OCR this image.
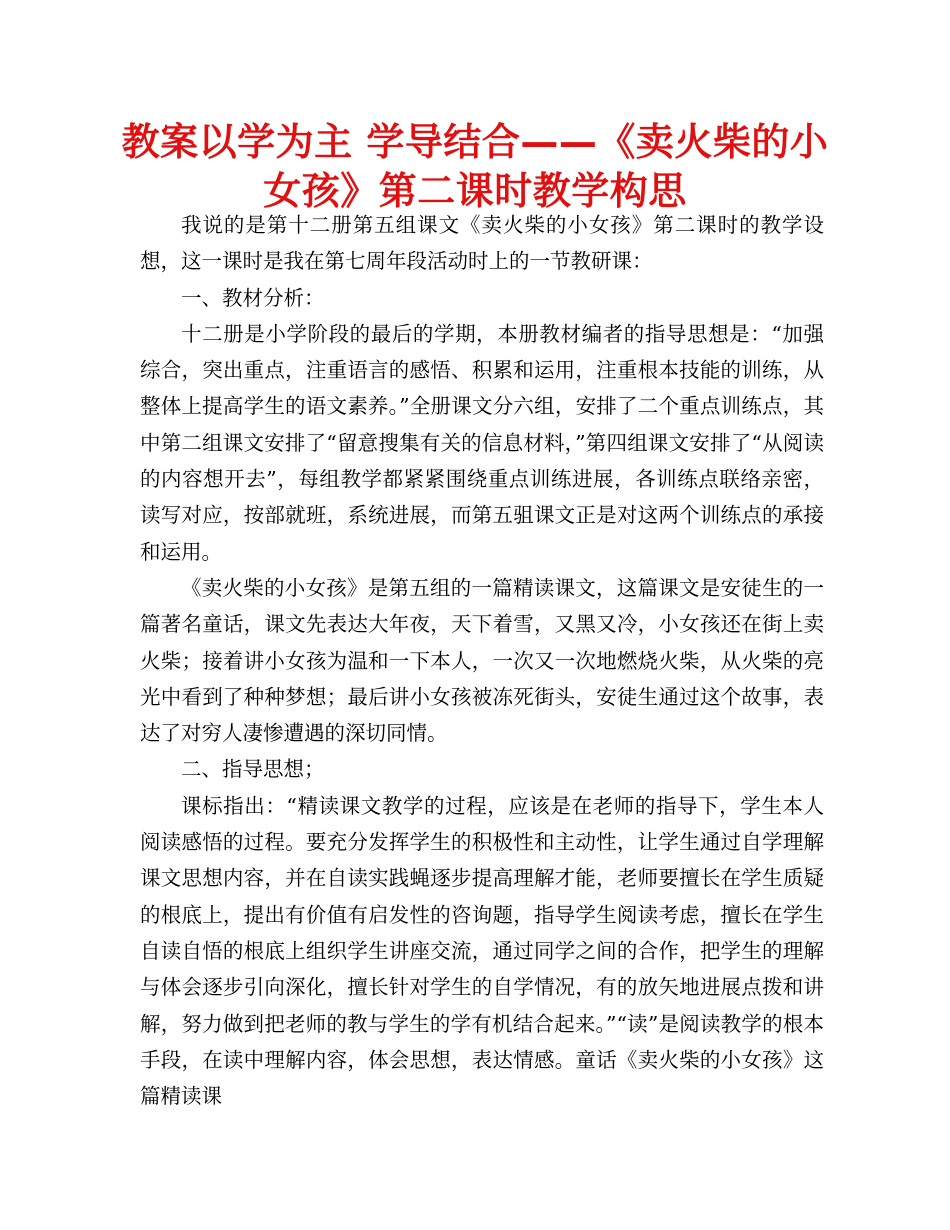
教案以学为主 学导结合——《卖火柴的小女孩》第二课时教学构思

我说的是第十二册第五组课文《卖火柴的小女孩》第二课时的教学设想，这一课时是我在第七周年段活动时上的一节教研课：

一、教材分析：

十二册是小学阶段的最后的学期，本册教材编者的指导思想是：“加强综合，突出重点，注重语言的感悟、积累和运用，注重根本技能的训练，从整体上提高学生的语文素养。”全册课文分六组，安排了二个重点训练点，其中第二组课文安排了“留意搜集有关的信息材料，”第四组课文安排了“从阅读的内容想开去”，每组教学都紧紧围绕重点训练进展，各训练点联络亲密，读写对应，按部就班，系统进展，而第五驵课文正是对这两个训练点的承接和运用。

《卖火柴的小女孩》是第五组的一篇精读课文，这篇课文是安徒生的一篇著名童话，课文先表达大年夜，天下着雪，又黑又冷，小女孩还在街上卖火柴；接着讲小女孩为温和一下本人，一次又一次地燃烧火柴，从火柴的亮光中看到了种种梦想；最后讲小女孩被冻死街头，安徒生通过这个故事，表达了对穷人凄惨遭遇的深切同情。

二、指导思想；

课标指出：“精读课文教学的过程，应该是在老师的指导下，学生本人阅读感悟的过程。要充分发挥学生的积极性和主动性，让学生通过自学理解课文思想内容，并在自读实践蝇逐步提高理解才能，老师要擅长在学生质疑的根底上，提出有价值有启发性的咨询题，指导学生阅读考虑，擅长在学生自读自悟的根底上组织学生讲座交流，通过同学之间的合作，把学生的理解与体会逐步引向深化，擅长针对学生的自学情况，有的放矢地进展点拨和讲解，努力做到把老师的教与学生的学有机结合起来。”“读”是阅读教学的根本手段，在读中理解内容，体会思想，表达情感。童话《卖火柴的小女孩》这篇精读课
